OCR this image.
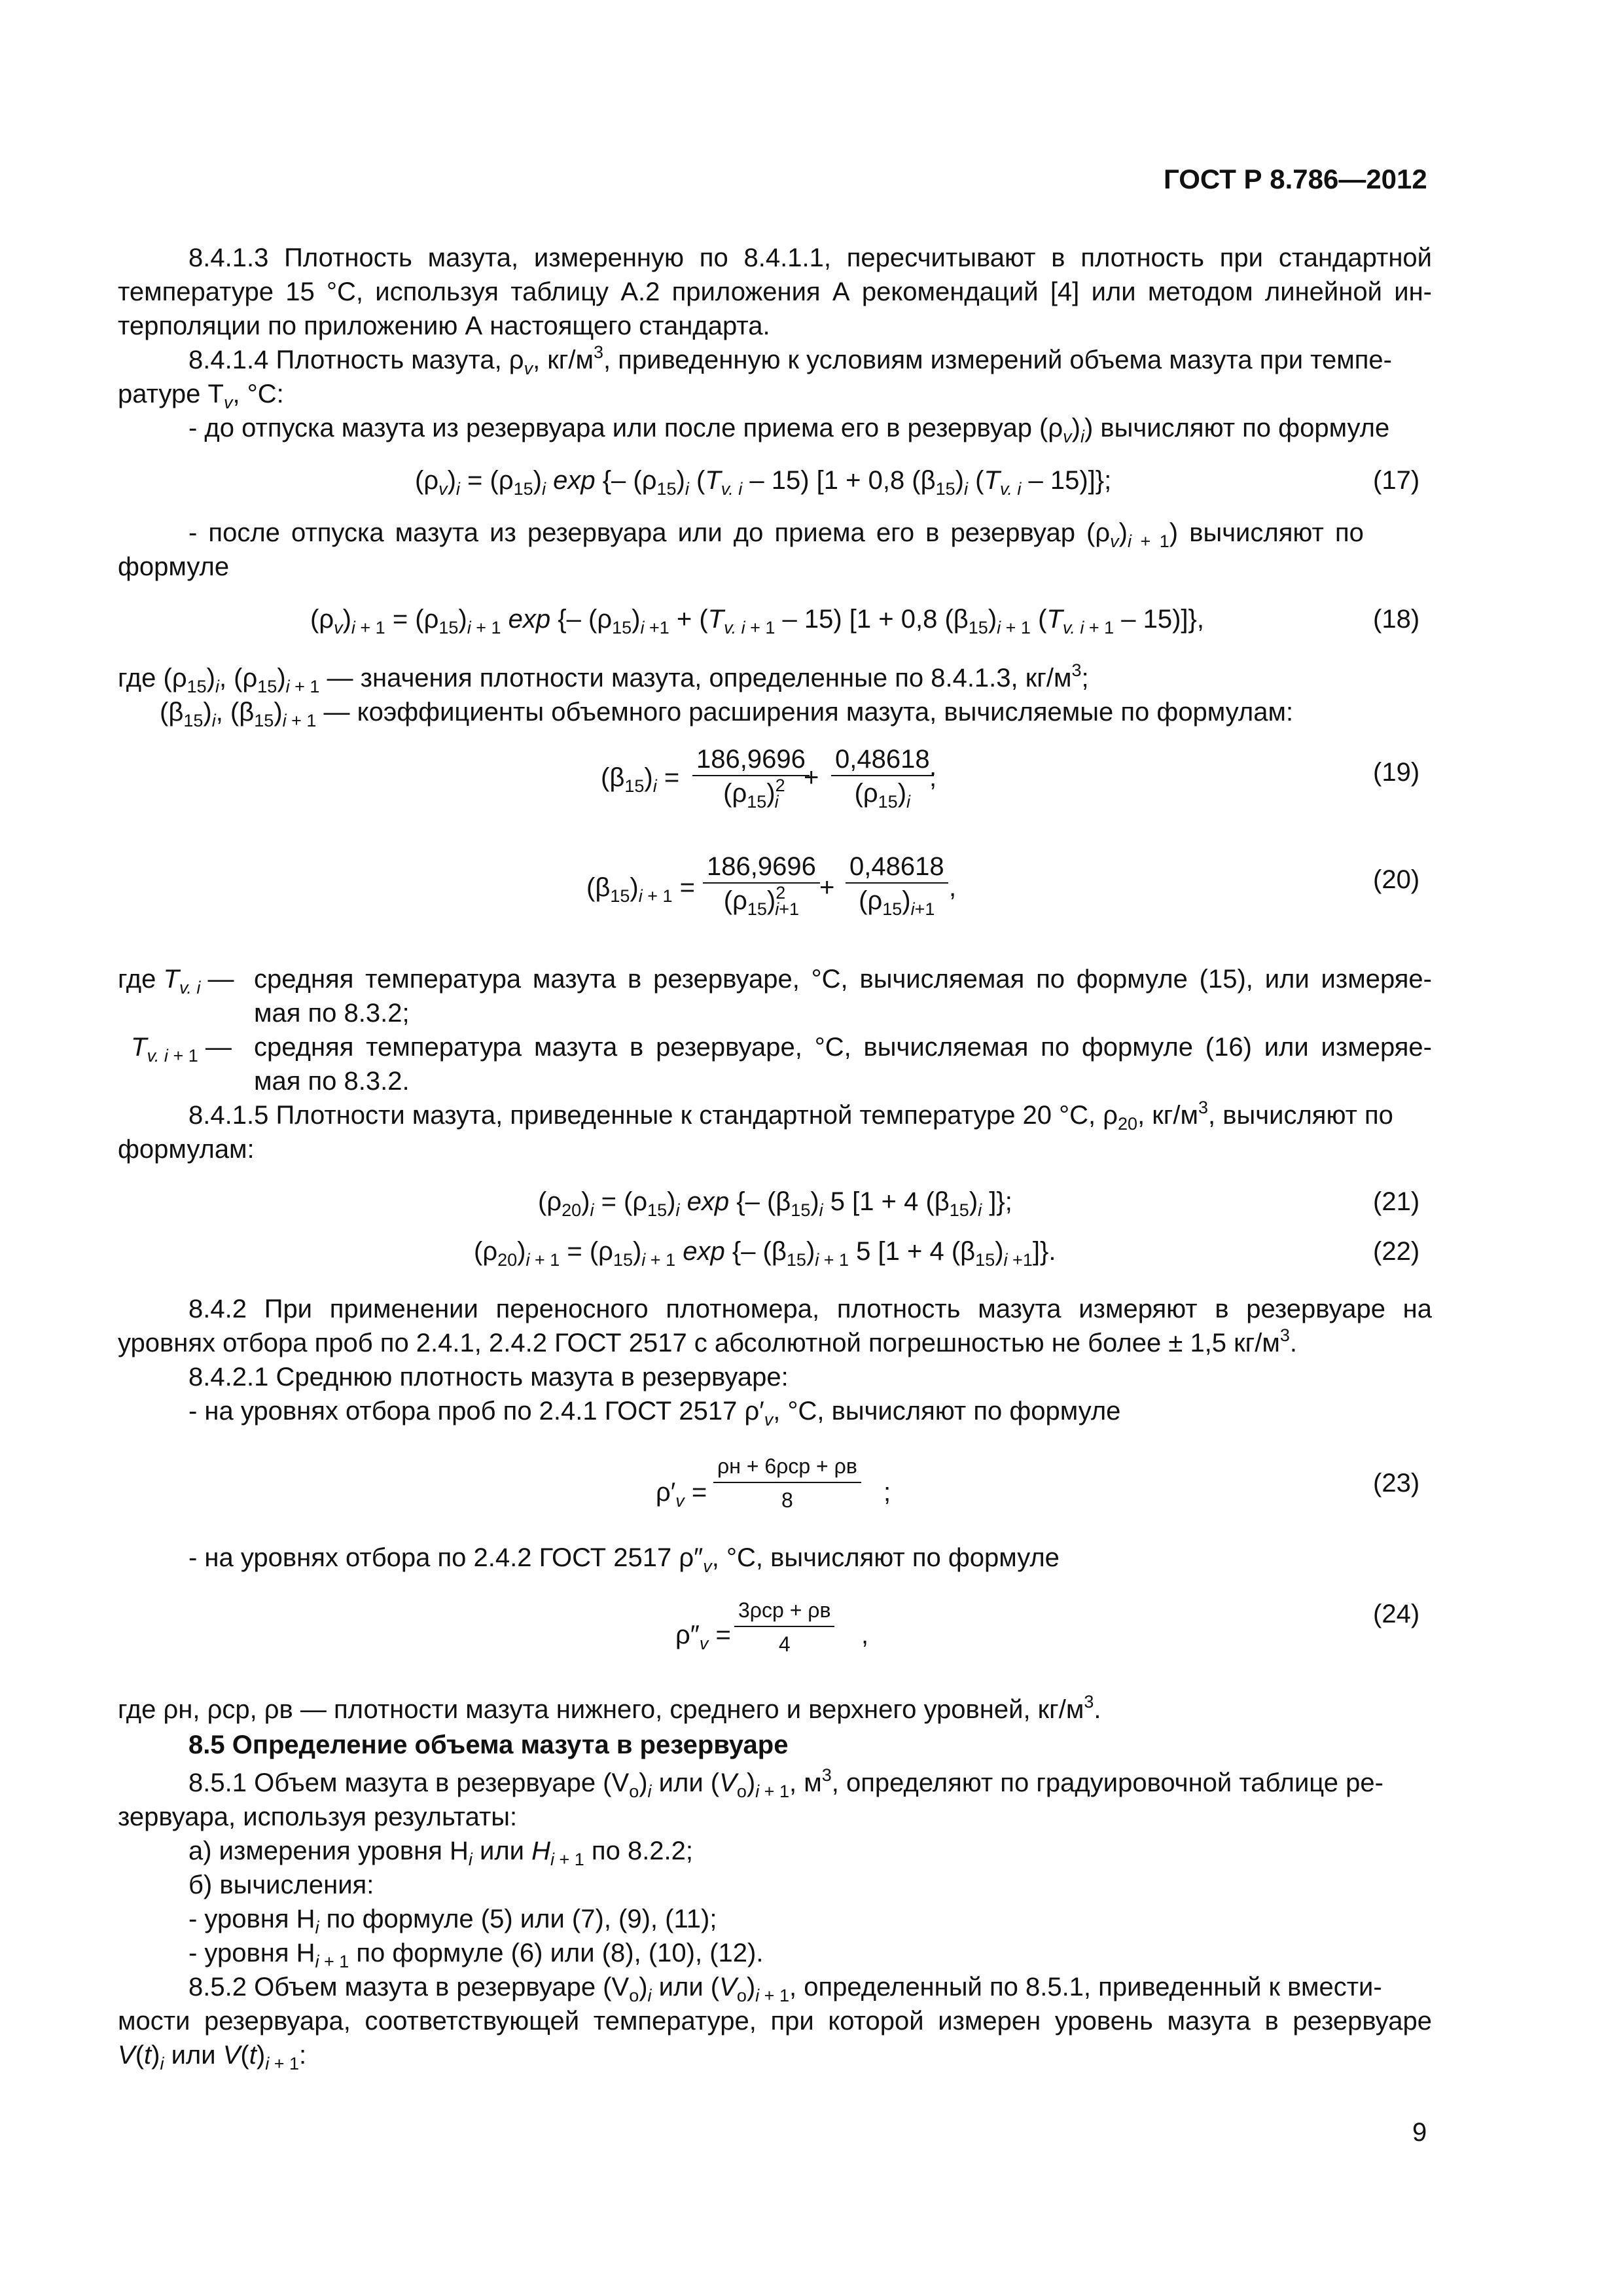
ГОСТ Р 8.786—2012
8.4.1.3 Плотность мазута, измеренную по 8.4.1.1, пересчитывают в плотность при стандартной
температуре 15 °С, используя таблицу А.2 приложения А рекомендаций [4] или методом линейной ин-
терполяции по приложению А настоящего стандарта.
8.4.1.4 Плотность мазута, $\rho_v$, $кг/м^3$, приведенную к условиям измерений объема мазута при темпе-
ратуре $T_v$, °С:
- до отпуска мазута из резервуара или после приема его в резервуар $(\rho_v)_i$) вычисляют по формуле
$(\rho_v)_i = (\rho_{15})_i$ exp {– $(\rho_{15})_i$ $(T_{v. i} - 15) [1 + 0,8$ $(\beta_{15})_i$ $(T_{v. i} - 15)$]};	(17)
- после отпуска мазута из резервуара или до приема его в резервуар $(\rho_v)_{i + 1}$) вычисляют по
формуле
$(\rho_v)_{i + 1} = (\rho_{15})_{i + 1}$ exp {– $(\rho_{15})_{i +1} + (T_{v. i + 1} - 15) [1 + 0,8$ $(\beta_{15})_{i + 1}$ $(T_{v. i + 1} - 15)$]},	(18)
где $(\rho_{15})_i$, $(\rho_{15})_{i + 1}$ — значения плотности мазута, определенные по 8.4.1.3, $кг/м^3$;
$(\beta_{15})_i$, $(\beta_{15})_{i + 1}$ — коэффициенты объемного расширения мазута, вычисляемые по формулам:
$(\beta_{15})_i$ =
186,9696
$(\rho_{15})^2_i$
+
0,48618
$(\rho_{15})_i$
;	(19)
$(\beta_{15})_{i + 1}$ =
186,9696
$(\rho_{15})^2_{i+1}$
+
0,48618
$(\rho_{15})_{i+1}$
,	(20)
где $T_{v. i}$ — средняя температура мазута в резервуаре, °С, вычисляемая по формуле (15), или измеряе-
мая по 8.3.2;
$T_{v. i + 1}$ — средняя температура мазута в резервуаре, °С, вычисляемая по формуле (16) или измеряе-
мая по 8.3.2.
8.4.1.5 Плотности мазута, приведенные к стандартной температуре 20 °С, $\rho_{20}$, $кг/м^3$, вычисляют по
формулам:
$(\rho_{20})_i = (\rho_{15})_i$ exp {– $(\beta_{15})_i$ 5 [1 + 4 $(\beta_{15})_i$ ]};	(21)
$(\rho_{20})_{i + 1} = (\rho_{15})_{i + 1}$ exp {– $(\beta_{15})_{i + 1}$ 5 [1 + 4 $(\beta_{15})_{i +1}$]}.	(22)
8.4.2 При применении переносного плотномера, плотность мазута измеряют в резервуаре на
уровнях отбора проб по 2.4.1, 2.4.2 ГОСТ 2517 с абсолютной погрешностью не более ± 1,5 $кг/м^3$.
8.4.2.1 Среднюю плотность мазута в резервуаре:
- на уровнях отбора проб по 2.4.1 ГОСТ 2517 $\rho'_v$, °С, вычисляют по формуле
$\rho'_v$ =
ρн + 6ρср + ρв
8	;	(23)
- на уровнях отбора по 2.4.2 ГОСТ 2517 $\rho''_v$, °С, вычисляют по формуле
$\rho''_v$ =
3ρср + ρв
4	,
(24)
где ρн, ρср, ρв — плотности мазута нижнего, среднего и верхнего уровней, $кг/м^3$.
8.5 Определение объема мазута в резервуаре
8.5.1 Объем мазута в резервуаре $(V_о)_i$ или $(V_о)_{i + 1}$, $м^3$, определяют по градуировочной таблице ре-
зервуара, используя результаты:
а) измерения уровня $H_i$ или $H_{i + 1}$ по 8.2.2;
б) вычисления:
- уровня $H_i$ по формуле (5) или (7), (9), (11);
- уровня $H_{i + 1}$ по формуле (6) или (8), (10), (12).
8.5.2 Объем мазута в резервуаре $(V_о)_i$ или $(V_о)_{i + 1}$, определенный по 8.5.1, приведенный к вмести-
мости резервуара, соответствующей температуре, при которой измерен уровень мазута в резервуаре
$V(t)_i$ или $V(t)_{i + 1}$:
9
